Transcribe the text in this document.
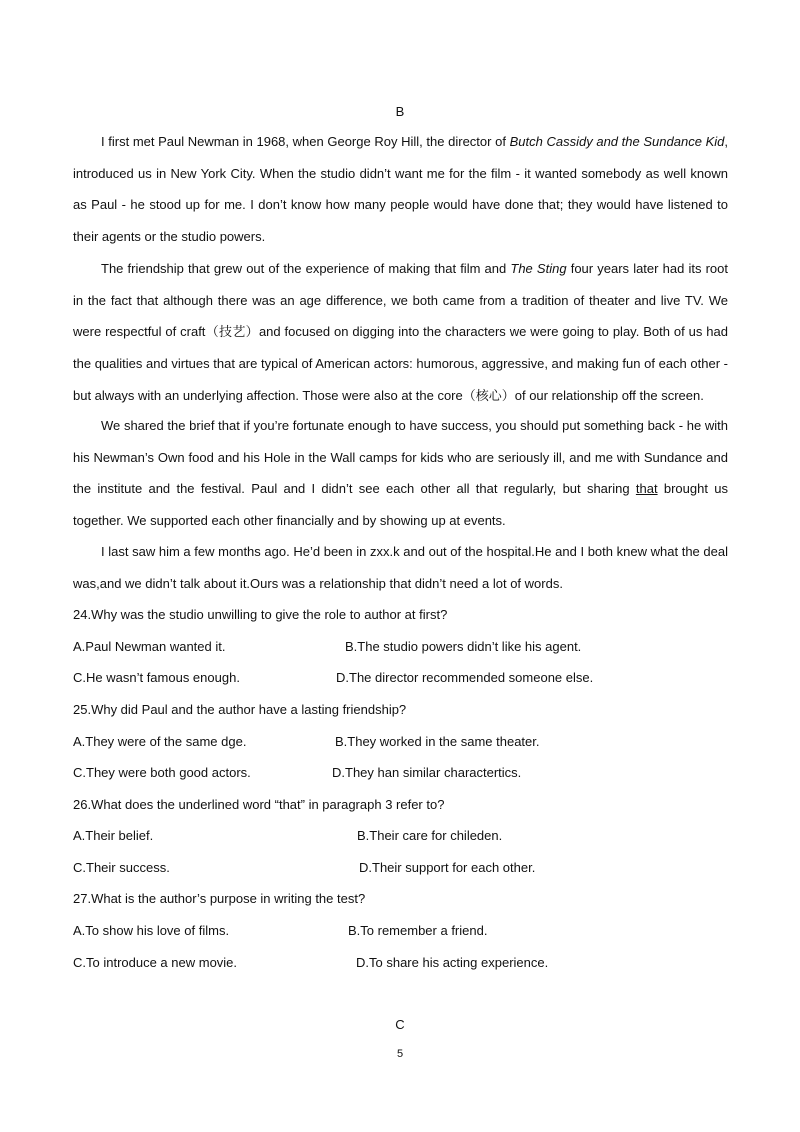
B

I first met Paul Newman in 1968, when George Roy Hill, the director of Butch Cassidy and the Sundance Kid, introduced us in New York City. When the studio didn’t want me for the film - it wanted somebody as well known as Paul - he stood up for me. I don’t know how many people would have done that; they would have listened to their agents or the studio powers.

The friendship that grew out of the experience of making that film and The Sting four years later had its root in the fact that although there was an age difference, we both came from a tradition of theater and live TV. We were respectful of craft（技艺）and focused on digging into the characters we were going to play. Both of us had the qualities and virtues that are typical of American actors: humorous, aggressive, and making fun of each other - but always with an underlying affection. Those were also at the core（核心）of our relationship off the screen.

We shared the brief that if you’re fortunate enough to have success, you should put something back - he with his Newman’s Own food and his Hole in the Wall camps for kids who are seriously ill, and me with Sundance and the institute and the festival. Paul and I didn’t see each other all that regularly, but sharing that brought us together. We supported each other financially and by showing up at events.

I last saw him a few months ago. He’d been in zxx.k and out of the hospital.He and I both knew what the deal was,and we didn’t talk about it.Ours was a relationship that didn’t need a lot of words.

24.Why was the studio unwilling to give the role to author at first?
A.Paul Newman wanted it.	B.The studio powers didn’t like his agent.
C.He wasn’t famous enough.	D.The director recommended someone else.
25.Why did Paul and the author have a lasting friendship?
A.They were of the same dge.	B.They worked in the same theater.
C.They were both good actors.	D.They han similar charactertics.
26.What does the underlined word “that” in paragraph 3 refer to?
A.Their belief.	B.Their care for chileden.
C.Their success.	D.Their support for each other.
27.What is the author’s purpose in writing the test?
A.To show his love of films.	B.To remember a friend.
C.To introduce a new movie.	D.To share his acting experience.
C
5
